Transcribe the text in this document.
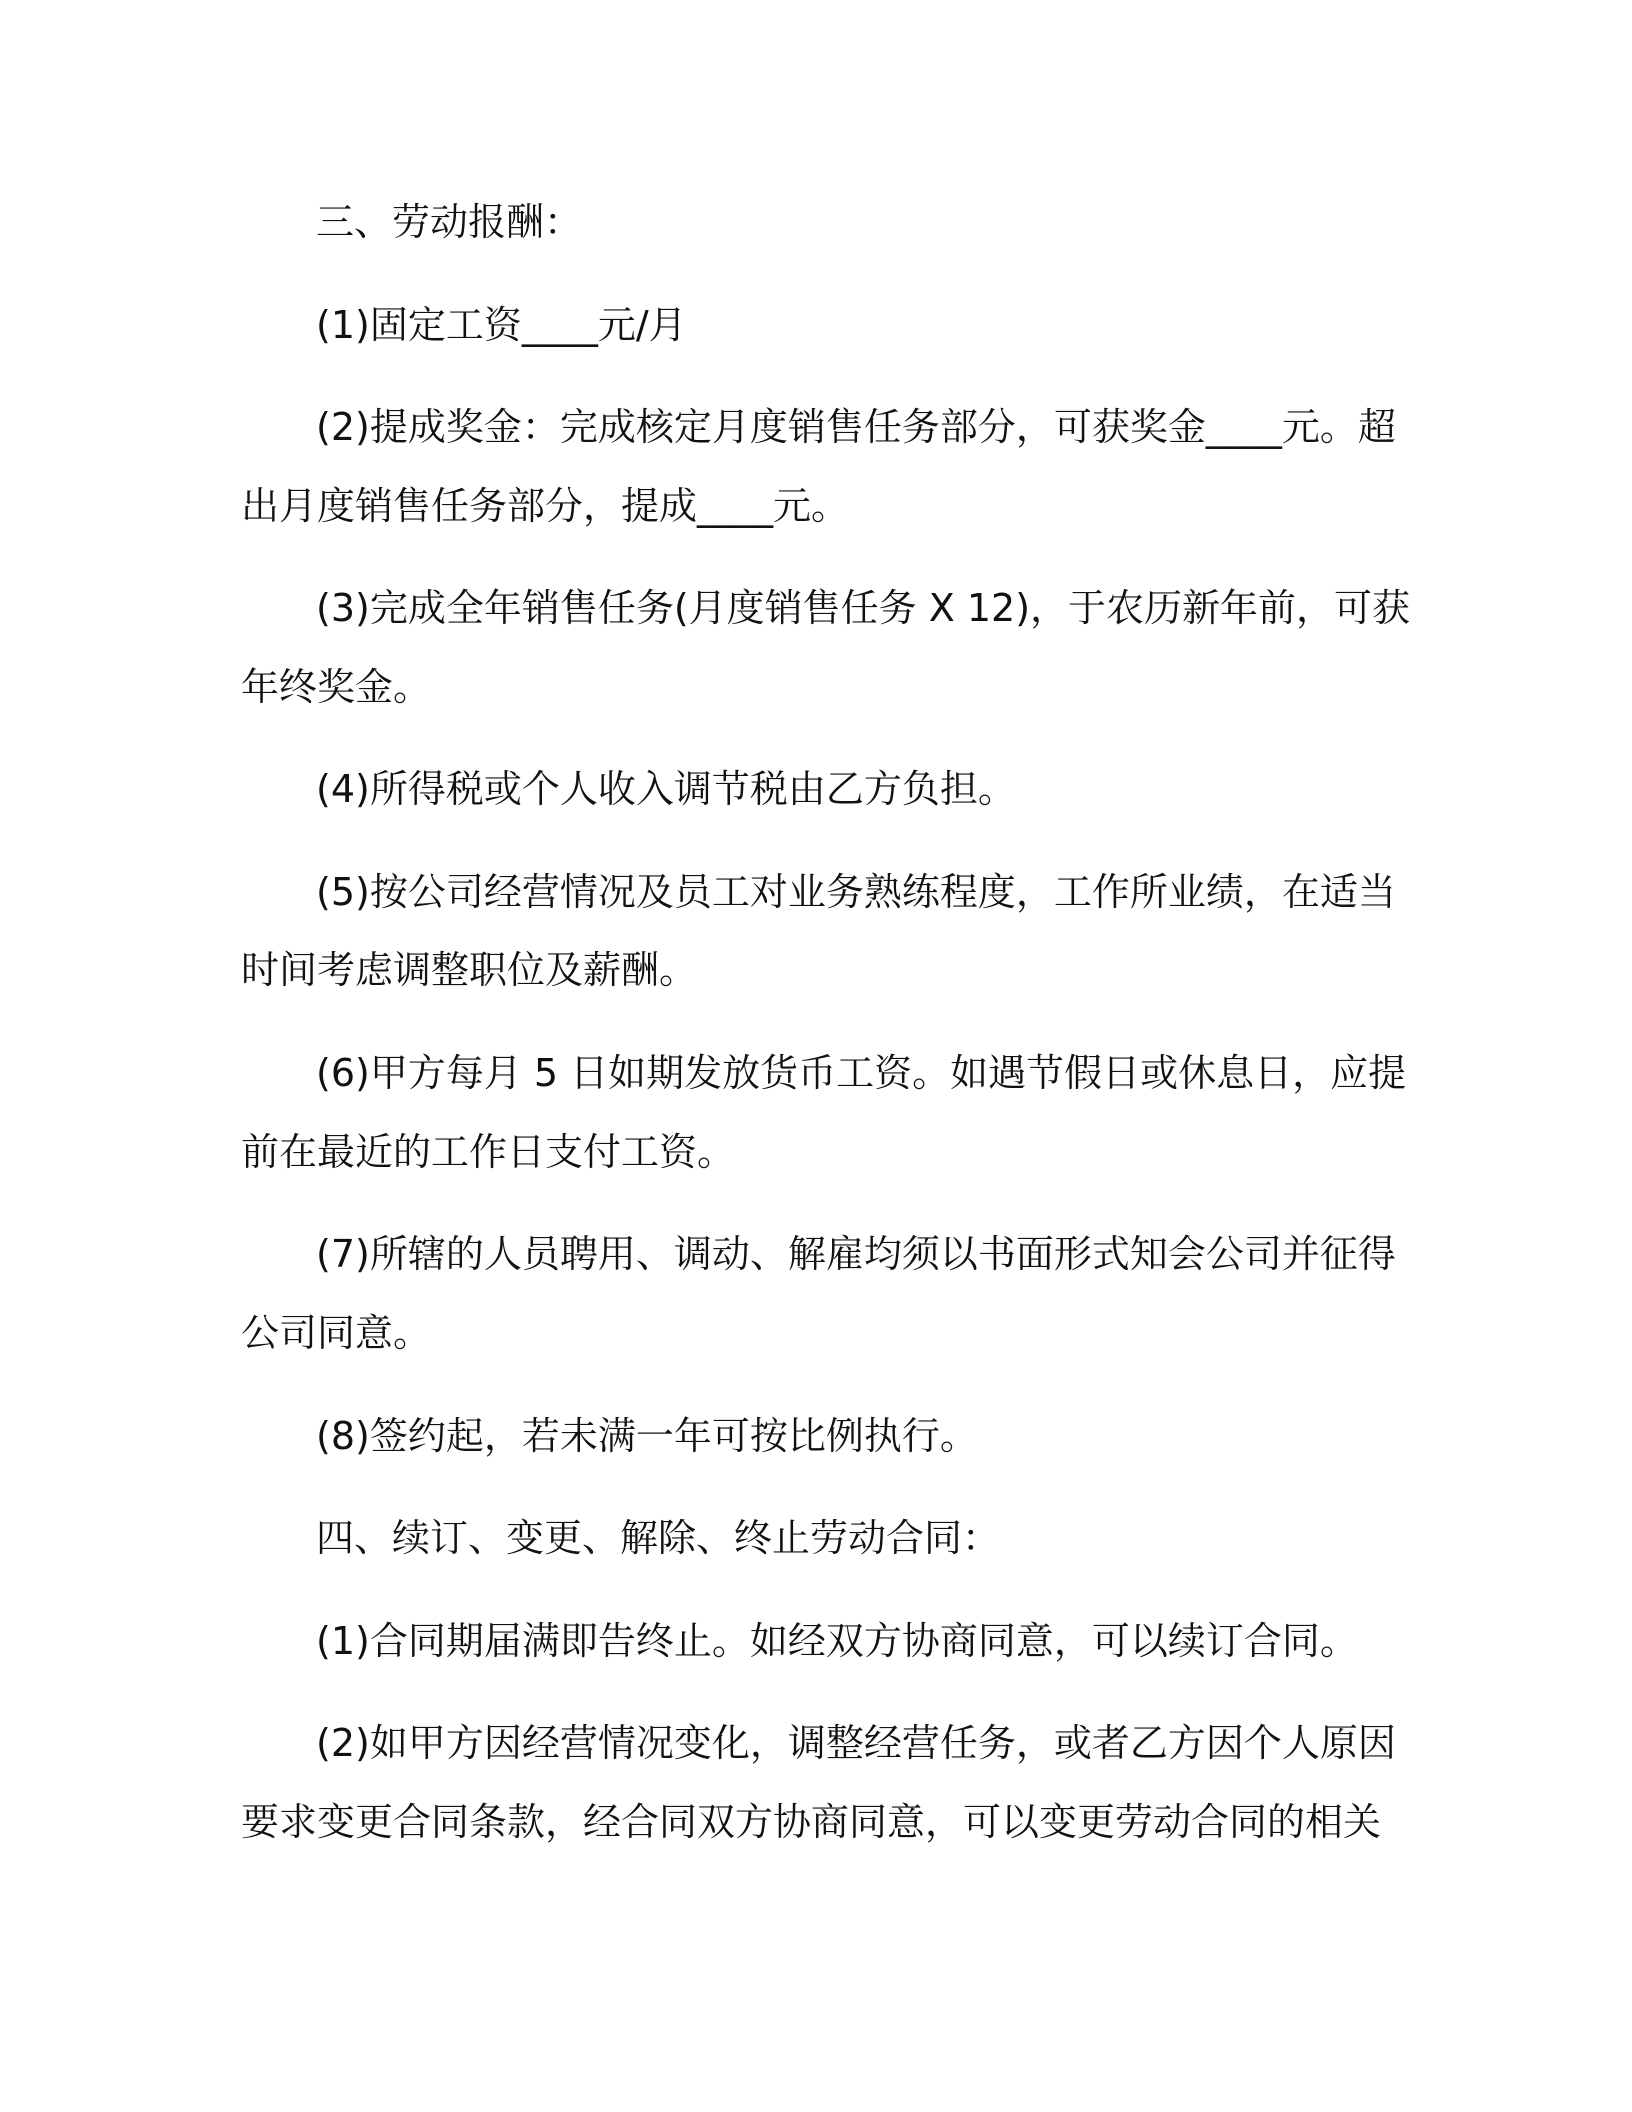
三、劳动报酬：

(1)固定工资____元/月

(2)提成奖金：完成核定月度销售任务部分，可获奖金____元。超

出月度销售任务部分，提成____元。

(3)完成全年销售任务(月度销售任务 X 12)，于农历新年前，可获

年终奖金。

(4)所得税或个人收入调节税由乙方负担。

(5)按公司经营情况及员工对业务熟练程度，工作所业绩，在适当

时间考虑调整职位及薪酬。

(6)甲方每月 5 日如期发放货币工资。如遇节假日或休息日，应提

前在最近的工作日支付工资。

(7)所辖的人员聘用、调动、解雇均须以书面形式知会公司并征得

公司同意。

(8)签约起，若未满一年可按比例执行。

四、续订、变更、解除、终止劳动合同：

(1)合同期届满即告终止。如经双方协商同意，可以续订合同。

(2)如甲方因经营情况变化，调整经营任务，或者乙方因个人原因

要求变更合同条款，经合同双方协商同意，可以变更劳动合同的相关
